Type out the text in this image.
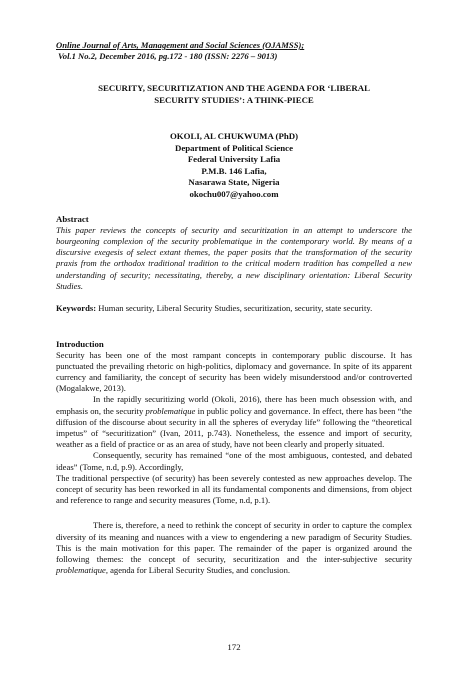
Online Journal of Arts, Management and Social Sciences (OJAMSS);
Vol.1 No.2, December 2016, pg.172 - 180 (ISSN: 2276 – 9013)
SECURITY, SECURITIZATION AND THE AGENDA FOR ‘LIBERAL SECURITY STUDIES’: A THINK-PIECE
OKOLI, AL CHUKWUMA (PhD)
Department of Political Science
Federal University Lafia
P.M.B. 146 Lafia,
Nasarawa State, Nigeria
okochu007@yahoo.com
Abstract
This paper reviews the concepts of security and securitization in an attempt to underscore the bourgeoning complexion of the security problematique in the contemporary world. By means of a discursive exegesis of select extant themes, the paper posits that the transformation of the security praxis from the orthodox traditional tradition to the critical modern tradition has compelled a new understanding of security; necessitating, thereby, a new disciplinary orientation: Liberal Security Studies.
Keywords: Human security, Liberal Security Studies, securitization, security, state security.
Introduction
Security has been one of the most rampant concepts in contemporary public discourse. It has punctuated the prevailing rhetoric on high-politics, diplomacy and governance. In spite of its apparent currency and familiarity, the concept of security has been widely misunderstood and/or controverted (Mogalakwe, 2013).
In the rapidly securitizing world (Okoli, 2016), there has been much obsession with, and emphasis on, the security problematique in public policy and governance. In effect, there has been “the diffusion of the discourse about security in all the spheres of everyday life” following the “theoretical impetus” of “securitization” (Ivan, 2011, p.743). Nonetheless, the essence and import of security, weather as a field of practice or as an area of study, have not been clearly and properly situated.
Consequently, security has remained “one of the most ambiguous, contested, and debated ideas” (Tome, n.d, p.9). Accordingly,
The traditional perspective (of security) has been severely contested as new approaches develop. The concept of security has been reworked in all its fundamental components and dimensions, from object and reference to range and security measures (Tome, n.d, p.1).
There is, therefore, a need to rethink the concept of security in order to capture the complex diversity of its meaning and nuances with a view to engendering a new paradigm of Security Studies. This is the main motivation for this paper. The remainder of the paper is organized around the following themes: the concept of security, securitization and the inter-subjective security problematique, agenda for Liberal Security Studies, and conclusion.
172
